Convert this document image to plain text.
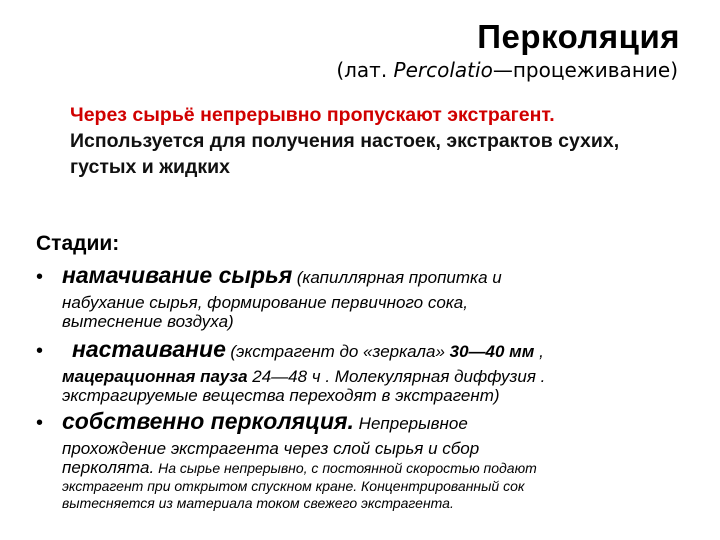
Перколяция
(лат. Percolatio—процеживание)
Через сырьё непрерывно пропускают экстрагент.
Используется для получения настоек, экстрактов сухих, густых и жидких
Стадии:
• намачивание сырья (капиллярная пропитка и
набухание сырья, формирование первичного сока,
вытеснение воздуха)
• настаивание (экстрагент до «зеркала» 30—40 мм ,
мацерационная пауза 24—48 ч . Молекулярная диффузия .
экстрагируемые вещества переходят в экстрагент)
• собственно перколяция. Непрерывное
прохождение экстрагента через слой сырья и сбор
перколята. На сырье непрерывно, с постоянной скоростью подают
экстрагент при открытом спускном кране. Концентрированный сок
вытесняется из материала током свежего экстрагента.
